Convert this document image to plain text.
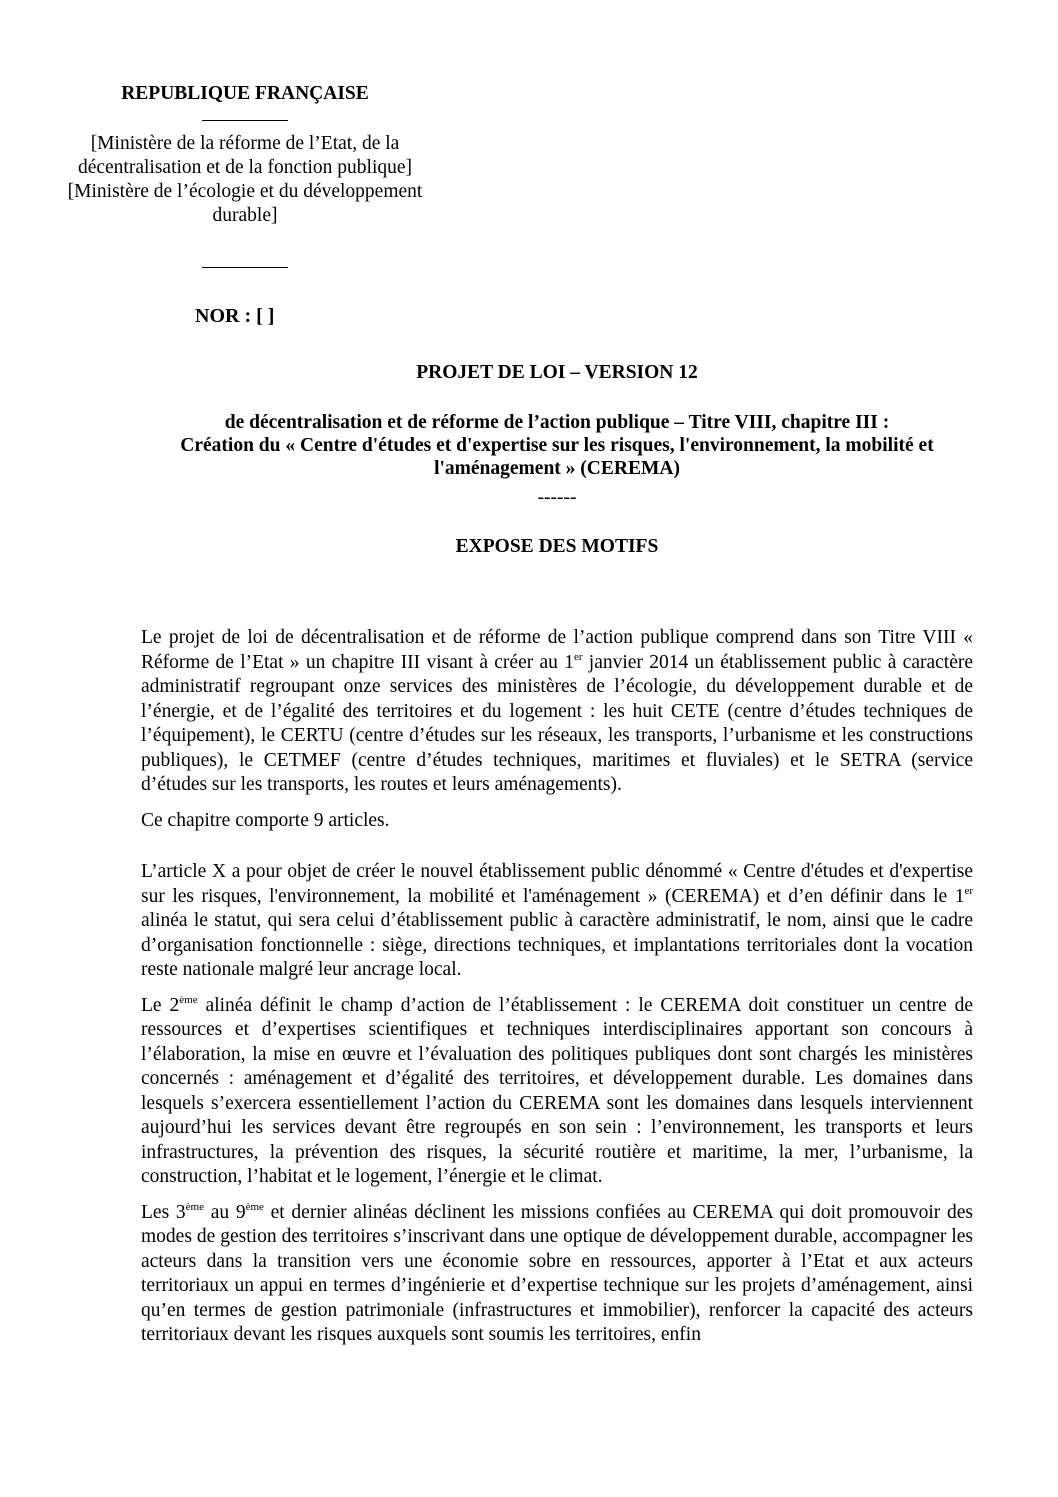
REPUBLIQUE FRANÇAISE
[Ministère de la réforme de l’Etat, de la décentralisation et de la fonction publique]
[Ministère de l’écologie et du développement durable]
NOR : [ ]
PROJET DE LOI – VERSION 12
de décentralisation et de réforme de l’action publique – Titre VIII, chapitre III :
Création du « Centre d'études et d'expertise sur les risques, l'environnement, la mobilité et
l'aménagement » (CEREMA)
------
EXPOSE DES MOTIFS

Le projet de loi de décentralisation et de réforme de l’action publique comprend dans son Titre VIII « Réforme de l’Etat » un chapitre III visant à créer au 1er janvier 2014 un établissement public à caractère administratif regroupant onze services des ministères de l’écologie, du développement durable et de l’énergie, et de l’égalité des territoires et du logement : les huit CETE (centre d’études techniques de l’équipement), le CERTU (centre d’études sur les réseaux, les transports, l’urbanisme et les constructions publiques), le CETMEF (centre d’études techniques, maritimes et fluviales) et le SETRA (service d’études sur les transports, les routes et leurs aménagements).

Ce chapitre comporte 9 articles.

L’article X a pour objet de créer le nouvel établissement public dénommé « Centre d'études et d'expertise sur les risques, l'environnement, la mobilité et l'aménagement » (CEREMA) et d’en définir dans le 1er alinéa le statut, qui sera celui d’établissement public à caractère administratif, le nom, ainsi que le cadre d’organisation fonctionnelle : siège, directions techniques, et implantations territoriales dont la vocation reste nationale malgré leur ancrage local.

Le 2ème alinéa définit le champ d’action de l’établissement : le CEREMA doit constituer un centre de ressources et d’expertises scientifiques et techniques interdisciplinaires apportant son concours à l’élaboration, la mise en œuvre et l’évaluation des politiques publiques dont sont chargés les ministères concernés : aménagement et d’égalité des territoires, et développement durable. Les domaines dans lesquels s’exercera essentiellement l’action du CEREMA sont les domaines dans lesquels interviennent aujourd’hui les services devant être regroupés en son sein : l’environnement, les transports et leurs infrastructures, la prévention des risques, la sécurité routière et maritime, la mer, l’urbanisme, la construction, l’habitat et le logement, l’énergie et le climat.

Les 3ème au 9ème et dernier alinéas déclinent les missions confiées au CEREMA qui doit promouvoir des modes de gestion des territoires s’inscrivant dans une optique de développement durable, accompagner les acteurs dans la transition vers une économie sobre en ressources, apporter à l’Etat et aux acteurs territoriaux un appui en termes d’ingénierie et d’expertise technique sur les projets d’aménagement, ainsi qu’en termes de gestion patrimoniale (infrastructures et immobilier), renforcer la capacité des acteurs territoriaux devant les risques auxquels sont soumis les territoires, enfin
